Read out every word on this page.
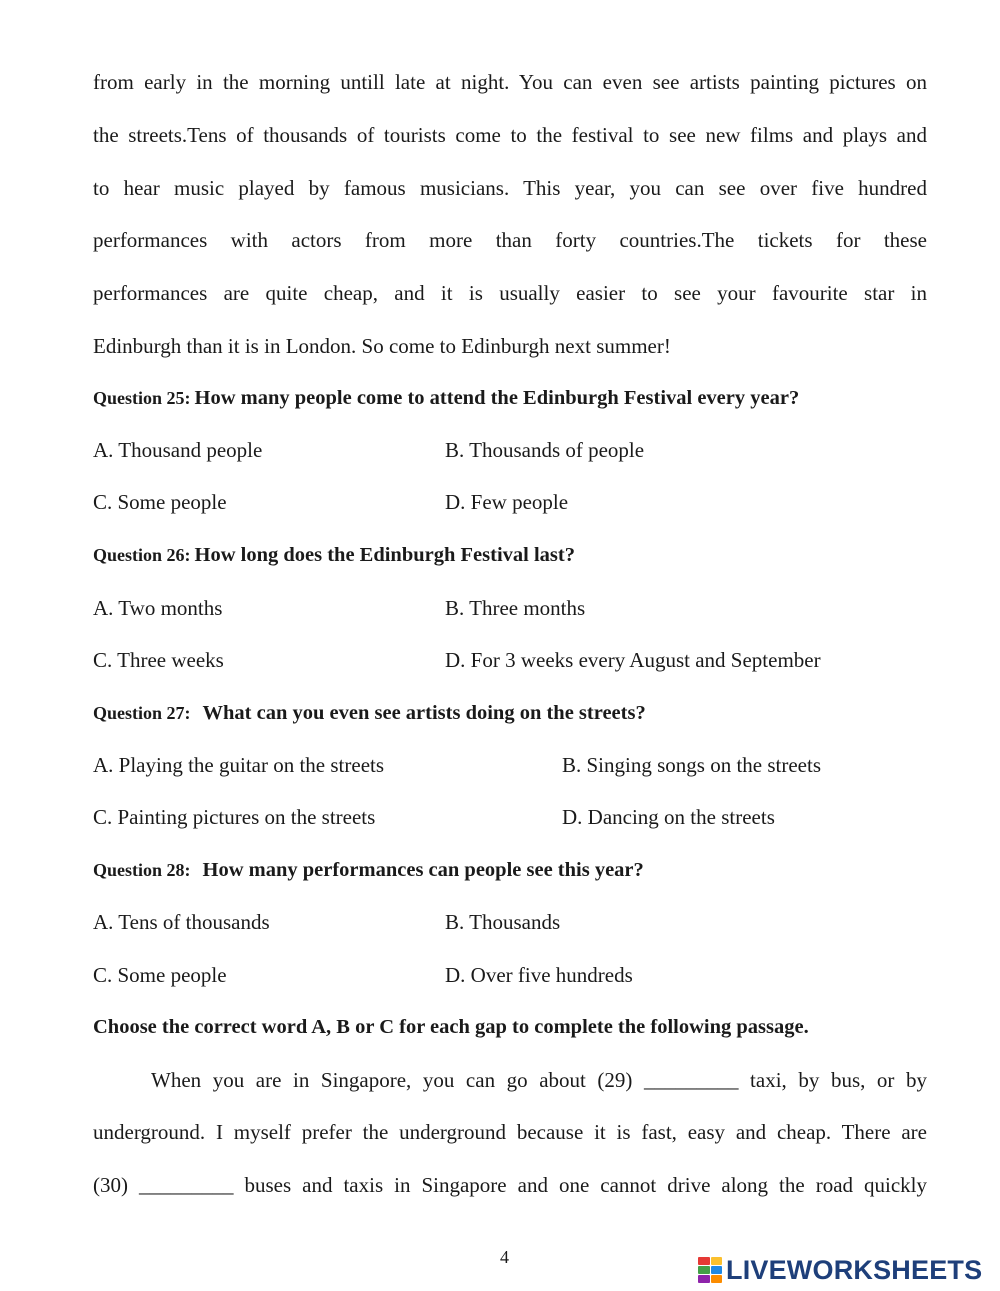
from early in the morning untill late at night. You can even see artists painting pictures on
the streets.Tens of thousands of tourists come to the festival to see new films and plays and
to hear music played by famous musicians. This year, you can see over five hundred
performances with actors from more than forty countries.The tickets for these
performances are quite cheap, and it is usually easier to see your favourite star in
Edinburgh than it is in London. So come to Edinburgh next summer!
Question 25: How many people come to attend the Edinburgh Festival every year?
A. Thousand people	B. Thousands of people
C. Some people	D. Few people
Question 26: How long does the Edinburgh Festival last?
A. Two months	B. Three months
C. Three weeks	D. For 3 weeks every August and September
Question 27: What can you even see artists doing on the streets?
A. Playing the guitar on the streets	B. Singing songs on the streets
C. Painting pictures on the streets	D. Dancing on the streets
Question 28: How many performances can people see this year?
A. Tens of thousands	B. Thousands
C. Some people	D. Over five hundreds
Choose the correct word A, B or C for each gap to complete the following passage.
When you are in Singapore, you can go about (29) _________ taxi, by bus, or by
underground. I myself prefer the underground because it is fast, easy and cheap. There are
(30) _________ buses and taxis in Singapore and one cannot drive along the road quickly
4	LIVEWORKSHEETS
